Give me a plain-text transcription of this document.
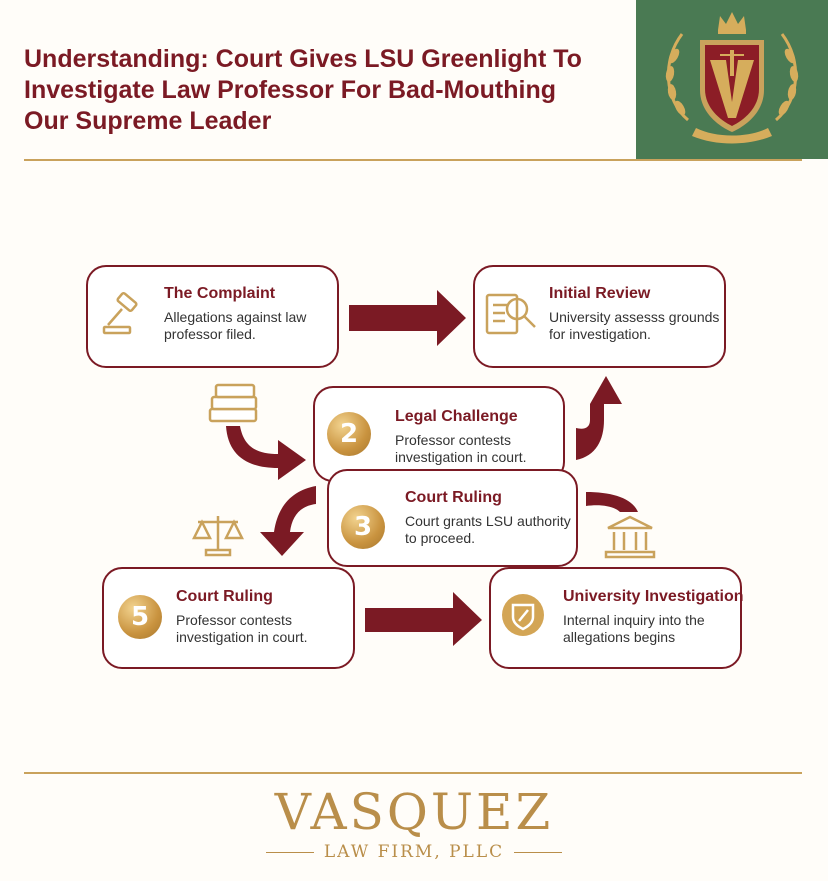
Understanding: Court Gives LSU Greenlight To Investigate Law Professor For Bad-Mouthing Our Supreme Leader
The Complaint
Allegations against law professor filed.
Initial Review
University assesss grounds for investigation.
2
Legal Challenge
Professor contests investigation in court.
3
Court Ruling
Court grants LSU authority to proceed.
5
Court Ruling
Professor contests investigation in court.
University Investigation
Internal inquiry into the allegations begins
VASQUEZ
LAW FIRM, PLLC
